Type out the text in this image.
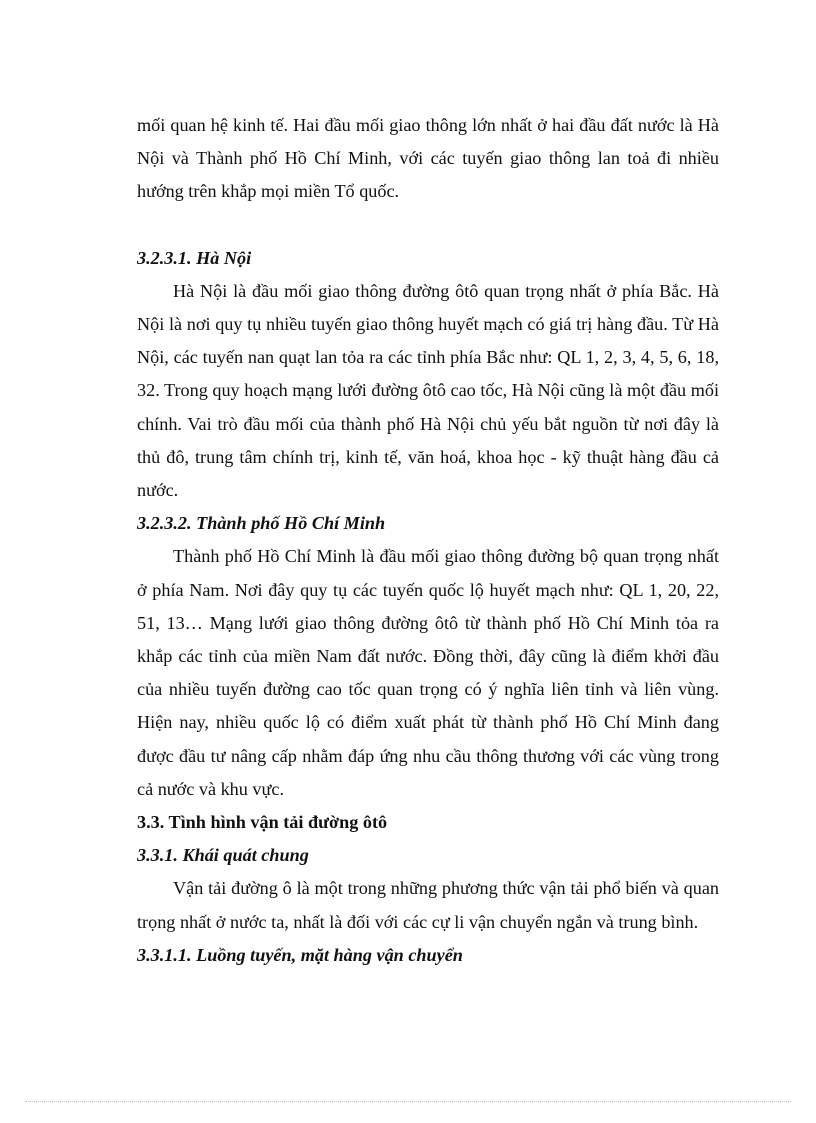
mối quan hệ kinh tế. Hai đầu mối giao thông lớn nhất ở hai đầu đất nước là Hà Nội và Thành phố Hồ Chí Minh, với các tuyến giao thông lan toả đi nhiều hướng trên khắp mọi miền Tổ quốc.

3.2.3.1. Hà Nội

Hà Nội là đầu mối giao thông đường ôtô quan trọng nhất ở phía Bắc. Hà Nội là nơi quy tụ nhiều tuyến giao thông huyết mạch có giá trị hàng đầu. Từ Hà Nội, các tuyến nan quạt lan tỏa ra các tỉnh phía Bắc như: QL 1, 2, 3, 4, 5, 6, 18, 32. Trong quy hoạch mạng lưới đường ôtô cao tốc, Hà Nội cũng là một đầu mối chính. Vai trò đầu mối của thành phố Hà Nội chủ yếu bắt nguồn từ nơi đây là thủ đô, trung tâm chính trị, kinh tế, văn hoá, khoa học - kỹ thuật hàng đầu cả nước.

3.2.3.2. Thành phố Hồ Chí Minh

Thành phố Hồ Chí Minh là đầu mối giao thông đường bộ quan trọng nhất ở phía Nam. Nơi đây quy tụ các tuyến quốc lộ huyết mạch như: QL 1, 20, 22, 51, 13… Mạng lưới giao thông đường ôtô từ thành phố Hồ Chí Minh tỏa ra khắp các tỉnh của miền Nam đất nước. Đồng thời, đây cũng là điểm khởi đầu của nhiều tuyến đường cao tốc quan trọng có ý nghĩa liên tỉnh và liên vùng. Hiện nay, nhiều quốc lộ có điểm xuất phát từ thành phố Hồ Chí Minh đang được đầu tư nâng cấp nhằm đáp ứng nhu cầu thông thương với các vùng trong cả nước và khu vực.

3.3. Tình hình vận tải đường ôtô

3.3.1. Khái quát chung

Vận tải đường ô là một trong những phương thức vận tải phổ biến và quan trọng nhất ở nước ta, nhất là đối với các cự li vận chuyển ngắn và trung bình.

3.3.1.1. Luồng tuyến, mặt hàng vận chuyển
